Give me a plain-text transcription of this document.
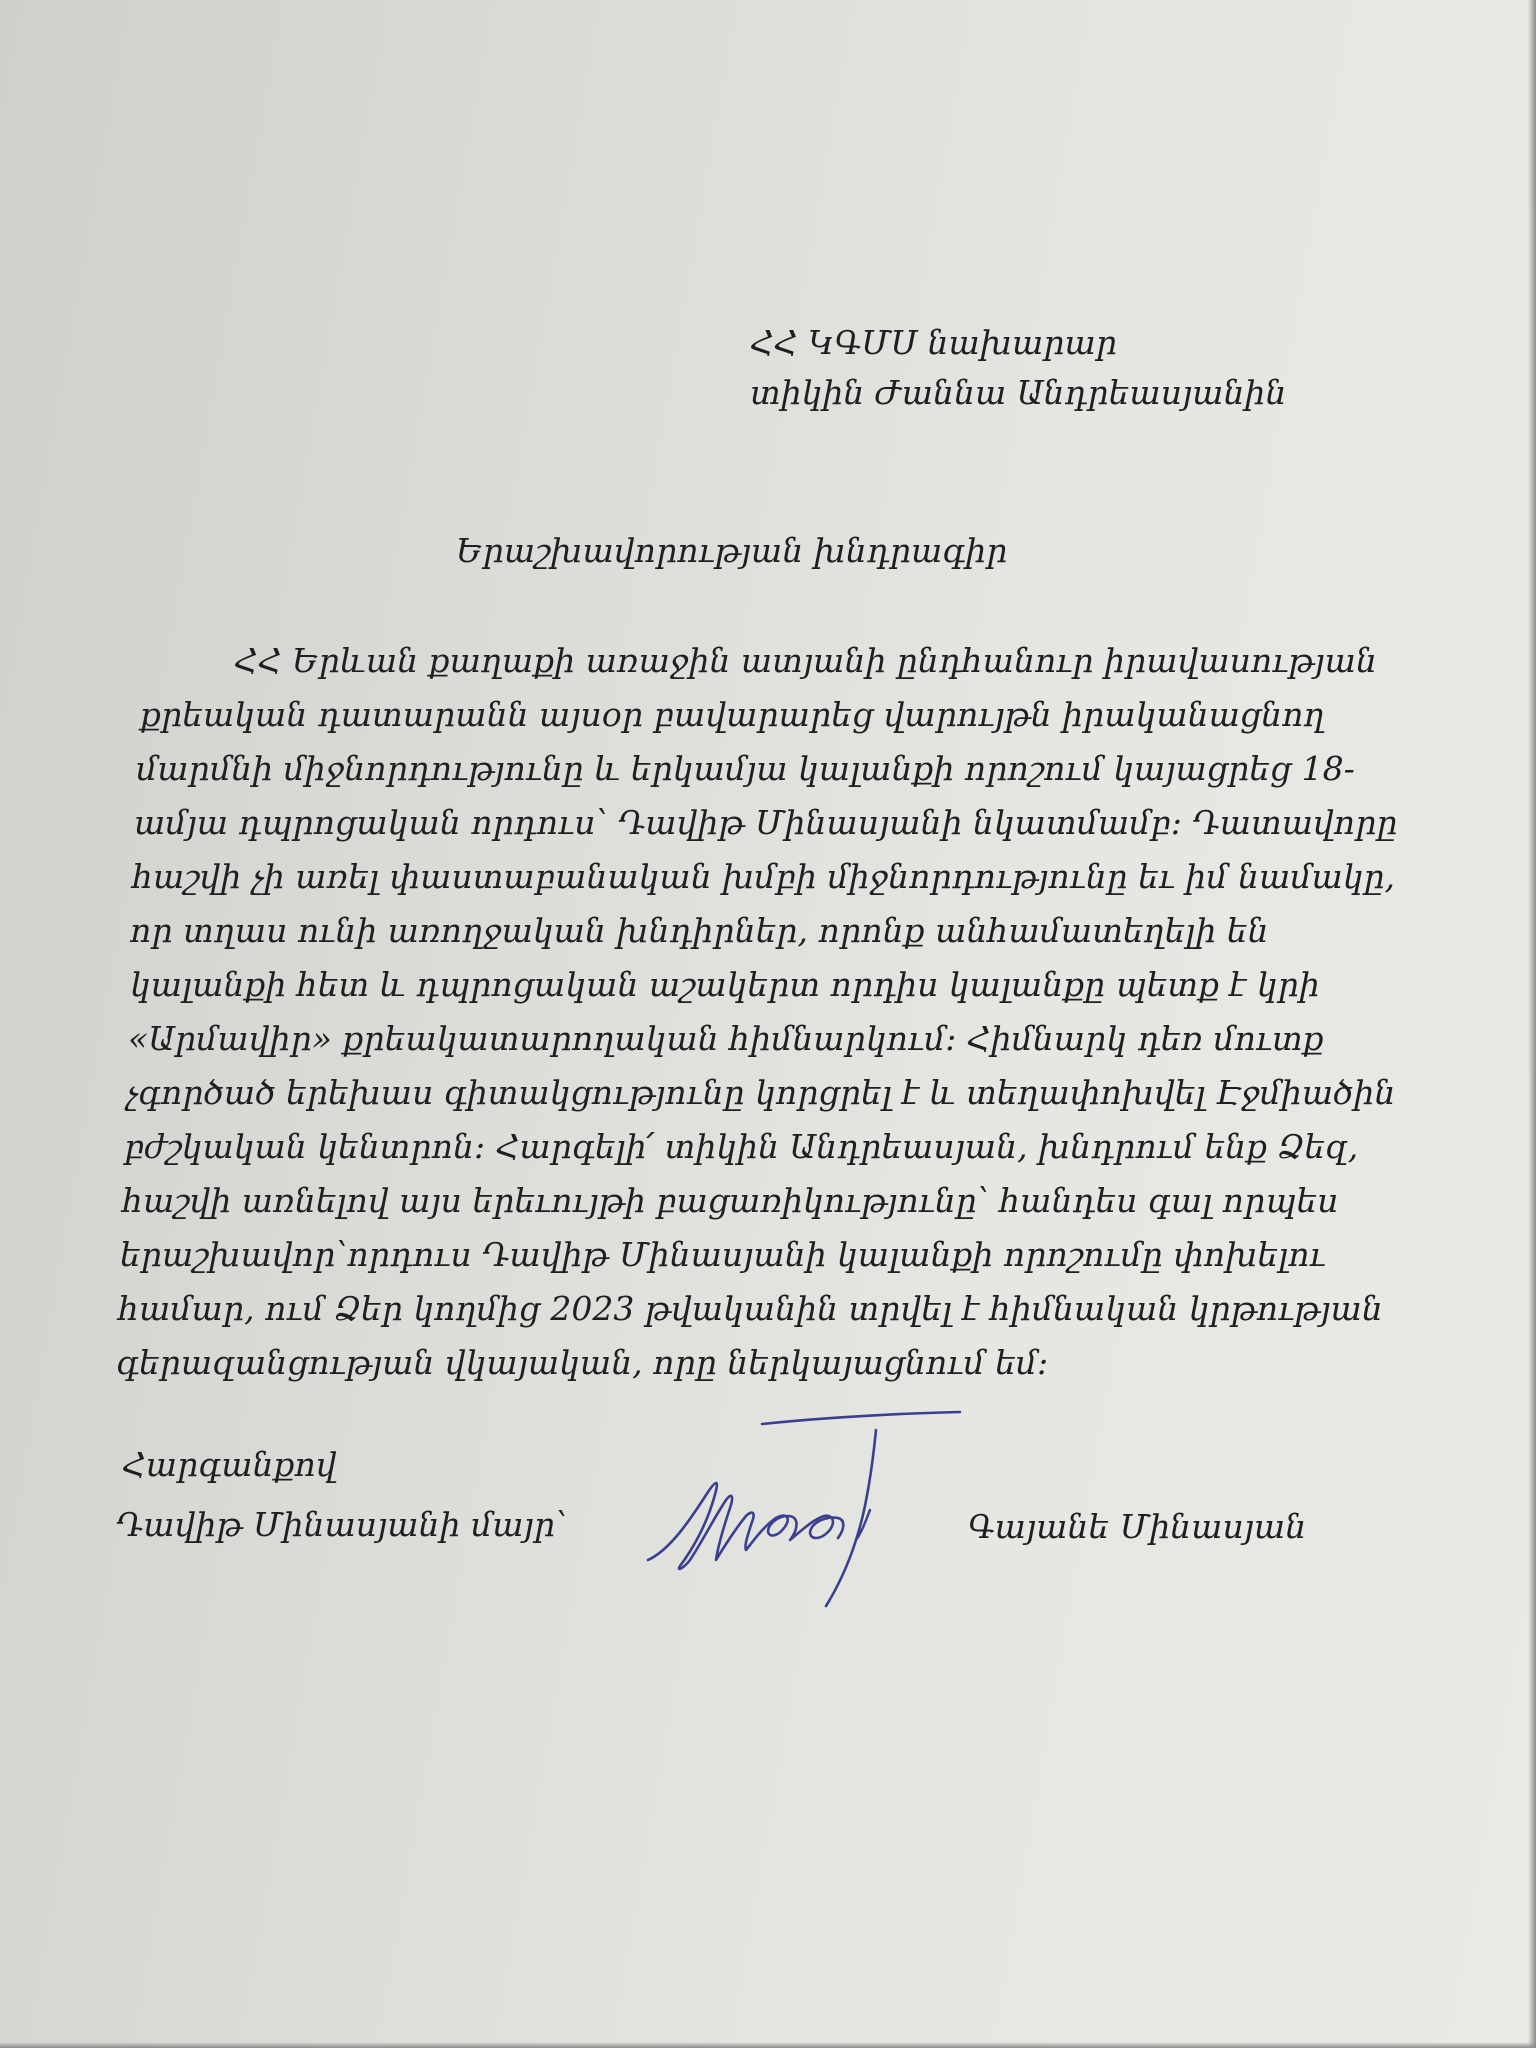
ՀՀ ԿԳՄՍ նախարար
տիկին Ժաննա Անդրեասյանին
Երաշխավորության խնդրագիր
ՀՀ Երևան քաղաքի առաջին ատյանի ընդհանուր իրավասության
քրեական դատարանն այսօր բավարարեց վարույթն իրականացնող
մարմնի միջնորդությունը և երկամյա կալանքի որոշում կայացրեց 18-
ամյա դպրոցական որդուս՝ Դավիթ Մինասյանի նկատմամբ: Դատավորը
հաշվի չի առել փաստաբանական խմբի միջնորդությունը եւ իմ նամակը,
որ տղաս ունի առողջական խնդիրներ, որոնք անհամատեղելի են
կալանքի հետ և դպրոցական աշակերտ որդիս կալանքը պետք է կրի
«Արմավիր» քրեակատարողական հիմնարկում: Հիմնարկ դեռ մուտք
չգործած երեխաս գիտակցությունը կորցրել է և տեղափոխվել Էջմիածին
բժշկական կենտրոն: Հարգելի՛ տիկին Անդրեասյան, խնդրում ենք Ձեզ,
հաշվի առնելով այս երեւույթի բացառիկությունը՝ հանդես գալ որպես
երաշխավոր՝որդուս Դավիթ Մինասյանի կալանքի որոշումը փոխելու
համար, ում Ձեր կողմից 2023 թվականին տրվել է հիմնական կրթության
գերազանցության վկայական, որը ներկայացնում եմ:
Հարգանքով
Դավիթ Մինասյանի մայր՝	Գայանե Մինասյան
